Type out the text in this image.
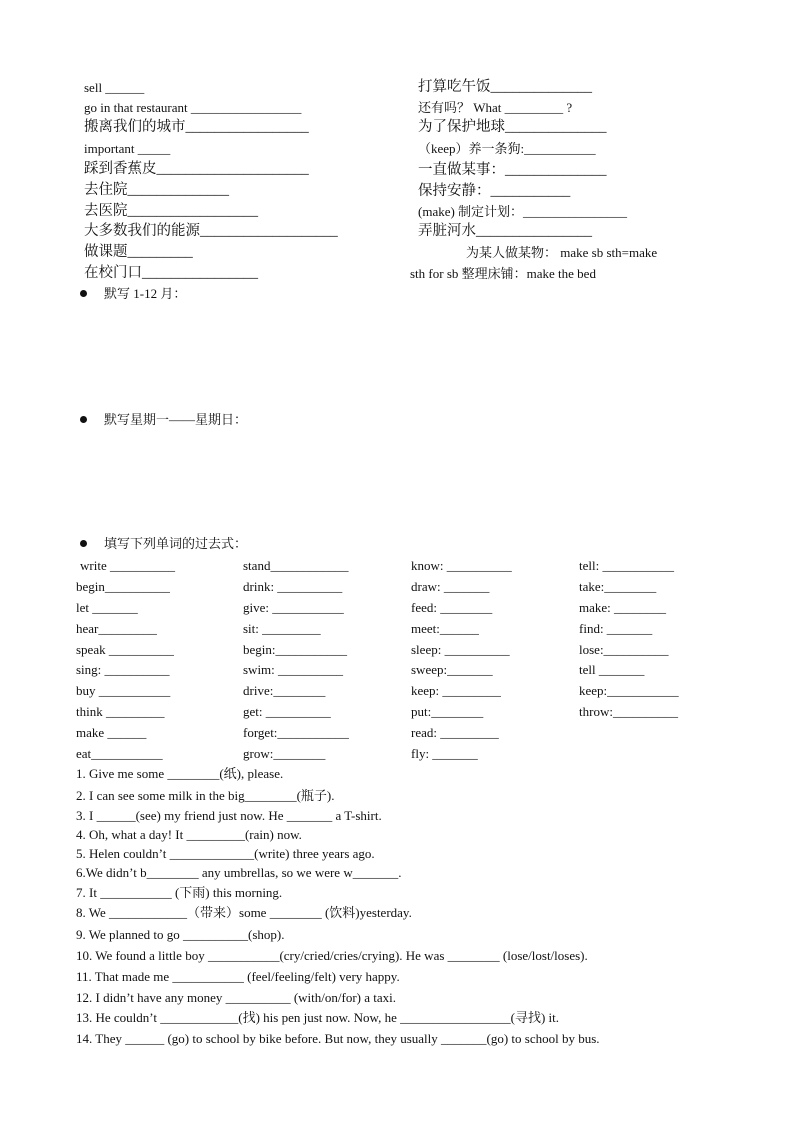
sell ______
go in that restaurant _________________
搬离我们的城市_________________
important _____
踩到香蕉皮_____________________
去住院______________
去医院__________________
大多数我们的能源___________________
做课题_________
在校门口________________
打算吃午饭______________
还有吗？ What _________ ?
为了保护地球______________
（keep）养一条狗:___________
一直做某事：______________
保持安静：___________
(make) 制定计划：________________
弄脏河水________________
为某人做某物： make sb sth=make
sth for sb 整理床铺：make the bed
默写 1-12 月：
默写星期一——星期日：
填写下列单词的过去式：
write __________
begin__________
let _______
hear_________
speak __________
sing: __________
buy ___________
think _________
make ______
eat___________
stand____________
drink: __________
give: ___________
sit: _________
begin:___________
swim: __________
drive:________
get: __________
forget:___________
grow:________
know: __________
draw: _______
feed: ________
meet:______
sleep: __________
sweep:_______
keep: _________
put:________
read: _________
fly: _______
tell: ___________
take:________
make: ________
find: _______
lose:__________
tell _______
keep:___________
throw:__________
1. Give me some ________(纸), please.
2. I can see some milk in the big________(瓶子).
3. I ______(see) my friend just now. He _______ a T-shirt.
4. Oh, what a day! It _________(rain) now.
5. Helen couldn’t _____________(write) three years ago.
6.We didn’t b________ any umbrellas, so we were w_______.
7. It ___________ (下雨) this morning.
8. We ____________（带来）some ________ (饮料)yesterday.
9. We planned to go __________(shop).
10. We found a little boy ___________(cry/cried/cries/crying). He was ________ (lose/lost/loses).
11. That made me ___________ (feel/feeling/felt) very happy.
12. I didn’t have any money __________ (with/on/for) a taxi.
13. He couldn’t ____________(找) his pen just now. Now, he _________________(寻找) it.
14. They ______ (go) to school by bike before. But now, they usually _______(go) to school by bus.
